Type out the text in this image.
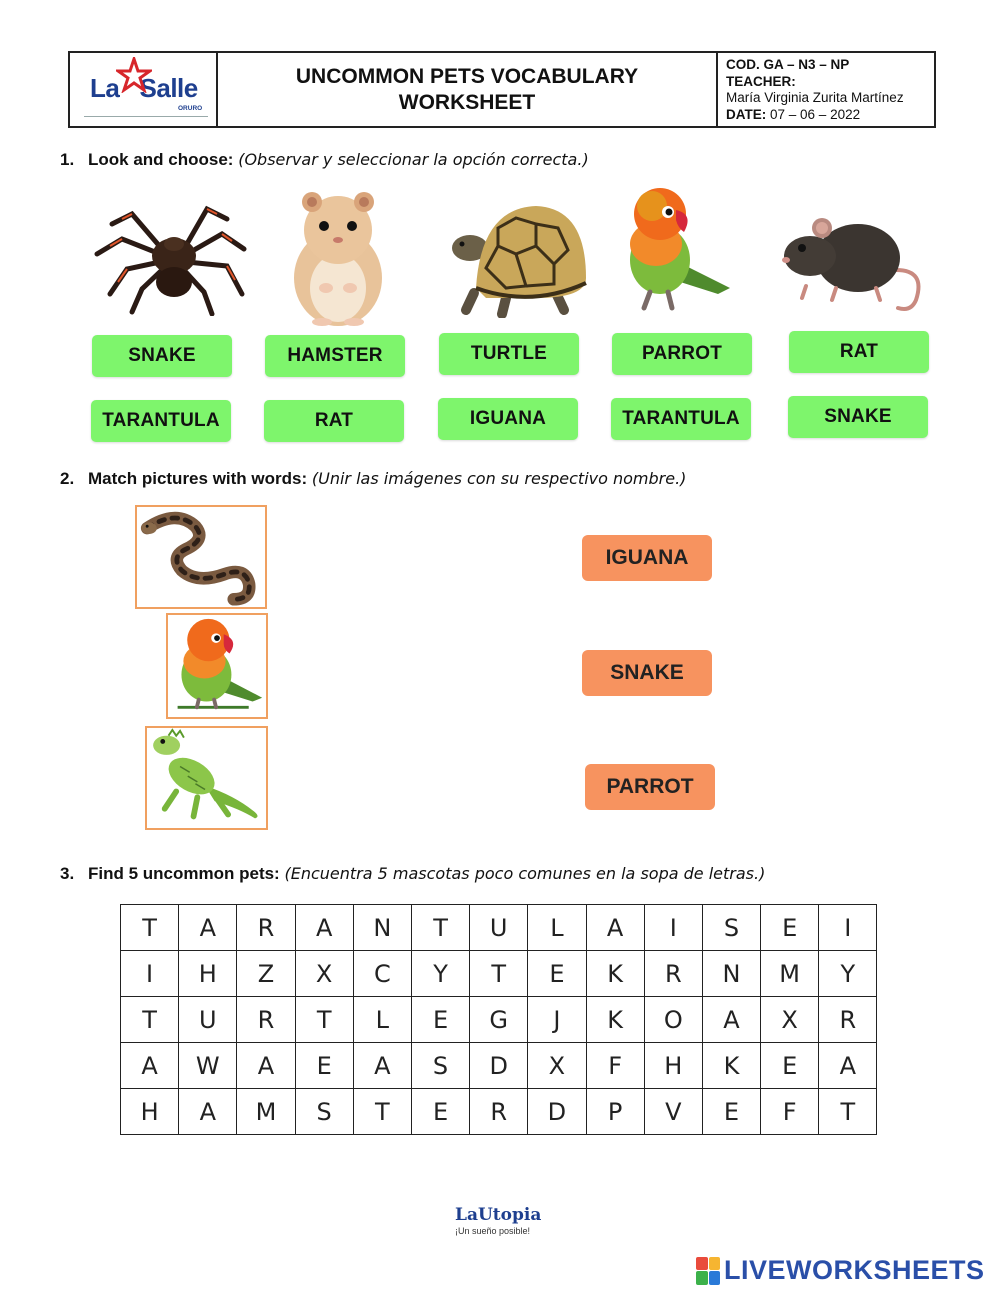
La   Salle
ORURO
UNCOMMON PETS VOCABULARY
WORKSHEET
COD. GA – N3 – NP
TEACHER:
María Virginia Zurita Martínez
DATE: 07 – 06 – 2022
1. Look and choose: (Observar y seleccionar la opción correcta.)
SNAKE	HAMSTER	TURTLE	PARROT	RAT
TARANTULA	RAT	IGUANA	TARANTULA	SNAKE
2. Match pictures with words: (Unir las imágenes con su respectivo nombre.)
IGUANA
SNAKE
PARROT
3. Find 5 uncommon pets: (Encuentra 5 mascotas poco comunes en la sopa de letras.)
T	A	R	A	N	T	U	L	A	I	S	E	I
I	H	Z	X	C	Y	T	E	K	R	N	M	Y
T	U	R	T	L	E	G	J	K	O	A	X	R
A	W	A	E	A	S	D	X	F	H	K	E	A
H	A	M	S	T	E	R	D	P	V	E	F	T
LaUtopia
¡Un sueño posible!
LIVEWORKSHEETS
